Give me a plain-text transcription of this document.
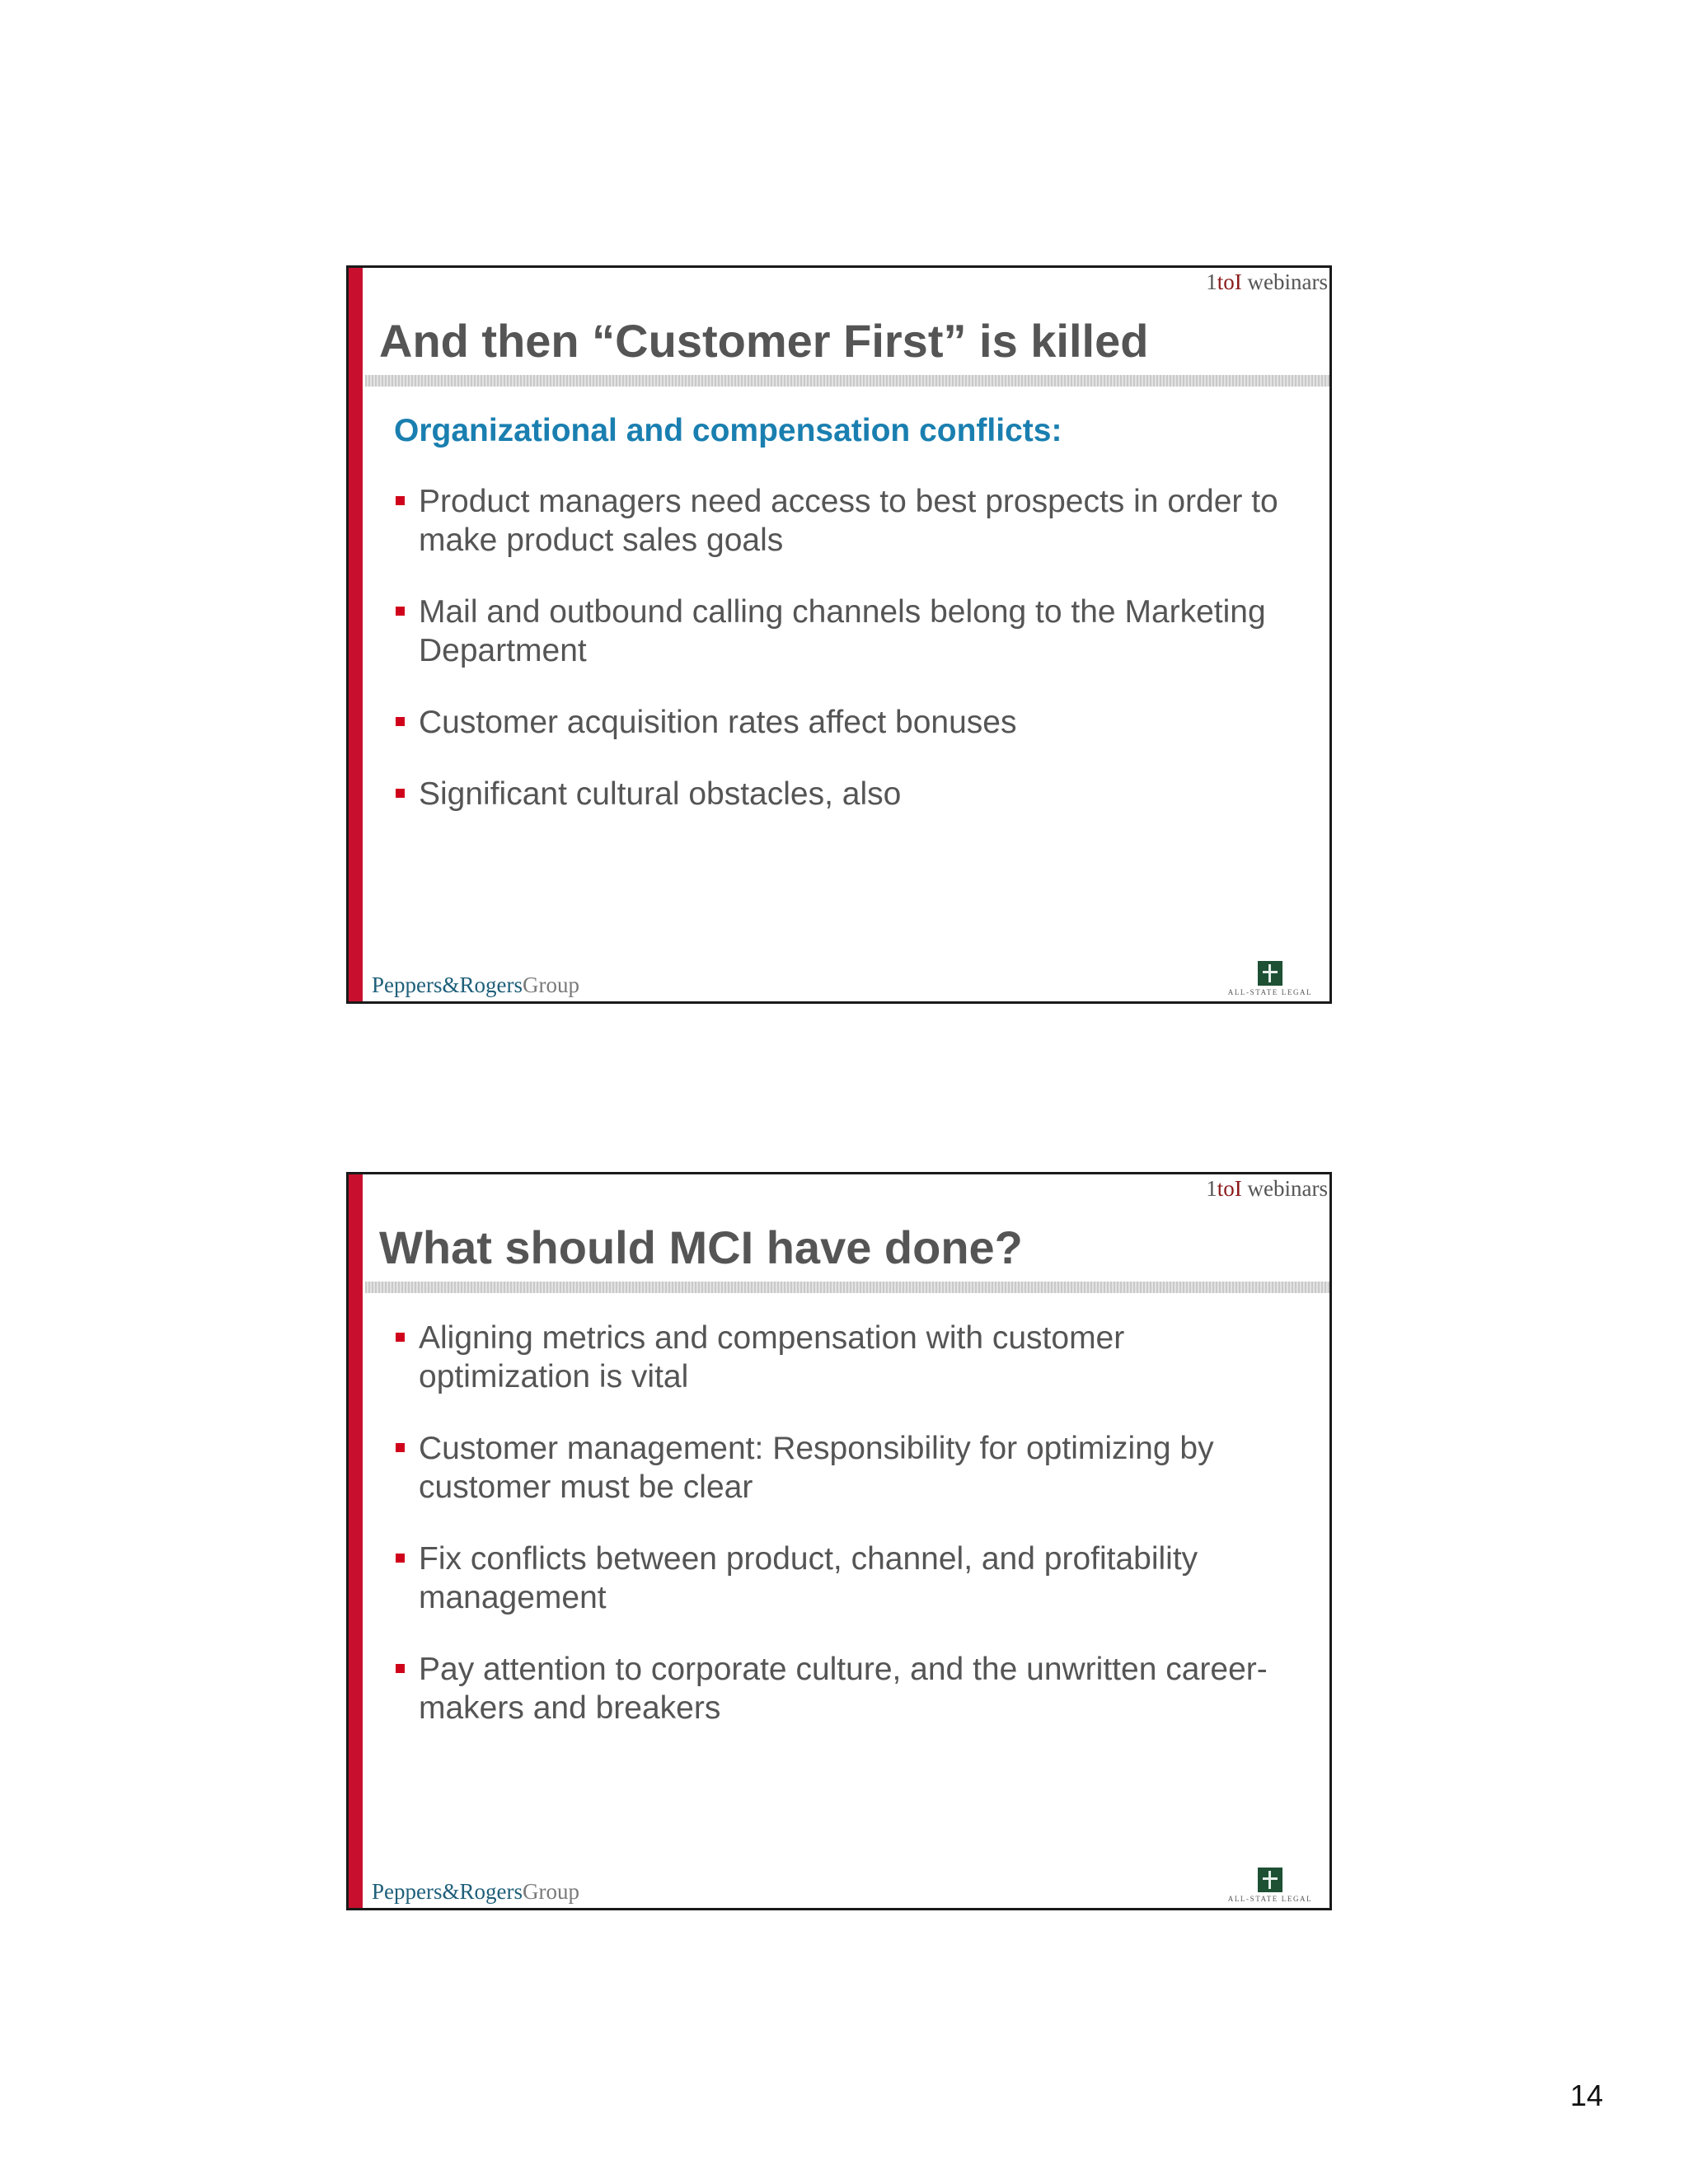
1toI webinars
And then “Customer First” is killed
Organizational and compensation conflicts:
Product managers need access to best prospects in order to make product sales goals
Mail and outbound calling channels belong to the Marketing Department
Customer acquisition rates affect bonuses
Significant cultural obstacles, also
Peppers&RogersGroup	ALL-STATE LEGAL
1toI webinars
What should MCI have done?
Aligning metrics and compensation with customer optimization is vital
Customer management: Responsibility for optimizing by customer must be clear
Fix conflicts between product, channel, and profitability management
Pay attention to corporate culture, and the unwritten career-makers and breakers
Peppers&RogersGroup	ALL-STATE LEGAL
14
